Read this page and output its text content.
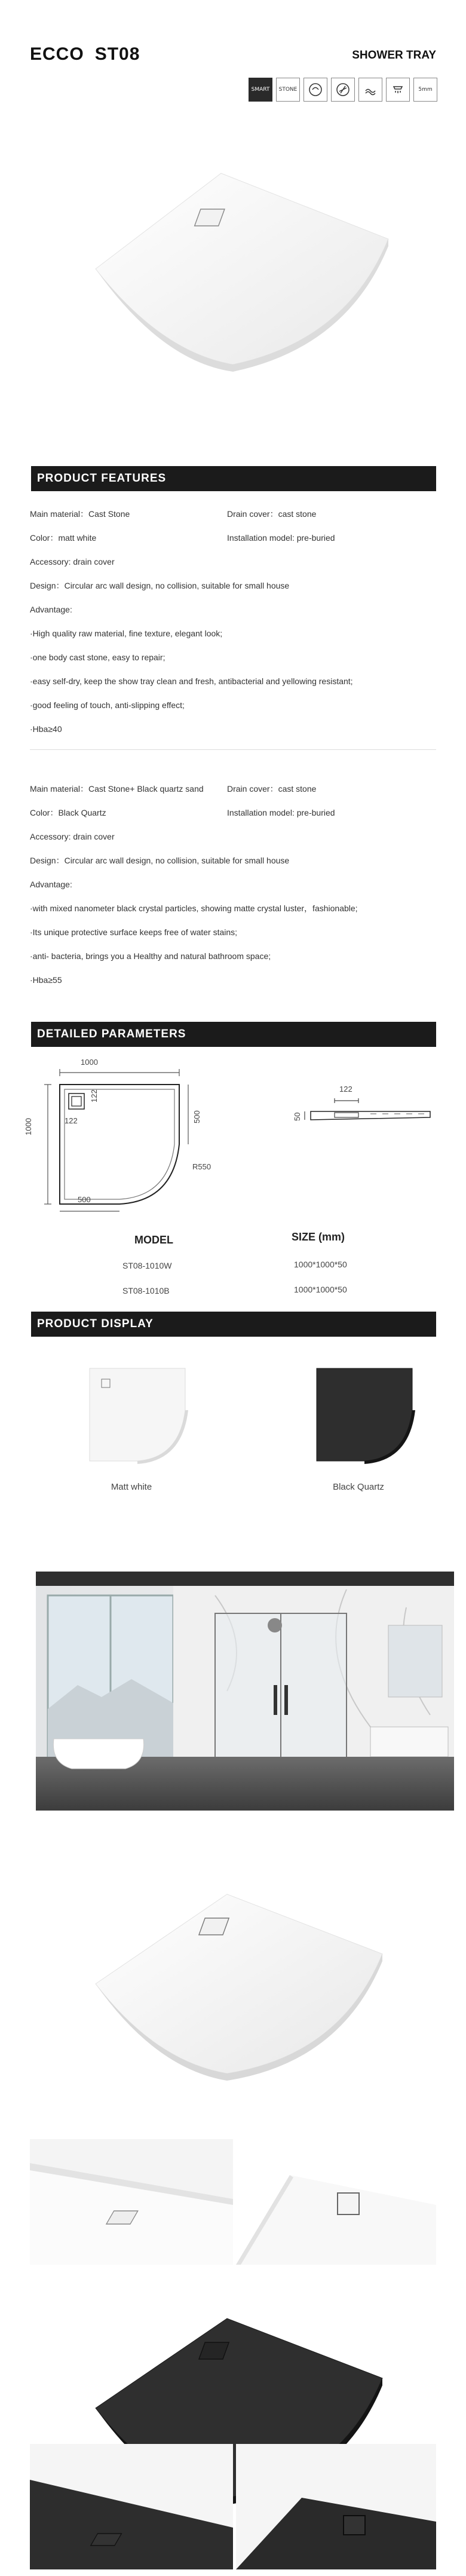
ECCO ST08	SHOWER TRAY
SMART	STONE	5mm
PRODUCT FEATURES
Main material：Cast Stone	Drain cover：cast stone
Color：matt white	Installation model: pre-buried
Accessory: drain cover
Design：Circular arc wall design, no collision, suitable for small house
Advantage:
·High quality raw material, fine texture, elegant look;
·one body cast stone, easy to repair;
·easy self-dry, keep the show tray clean and fresh, antibacterial and yellowing resistant;
·good feeling of touch, anti-slipping effect;
·Hba≥40
Main material：Cast Stone+ Black quartz sand	Drain cover：cast stone
Color：Black Quartz	Installation model: pre-buried
Accessory: drain cover
Design：Circular arc wall design, no collision, suitable for small house
Advantage:
·with mixed nanometer black crystal particles, showing matte crystal luster，fashionable;
·Its unique protective surface keeps free of water stains;
·anti- bacteria, brings you a Healthy and natural bathroom space;
·Hba≥55
DETAILED PARAMETERS
1000
1000
122
122	500
R550
500
122
50
MODEL	SIZE (mm)
ST08-1010W	1000*1000*50
ST08-1010B	1000*1000*50
PRODUCT DISPLAY
Matt white	Black Quartz
